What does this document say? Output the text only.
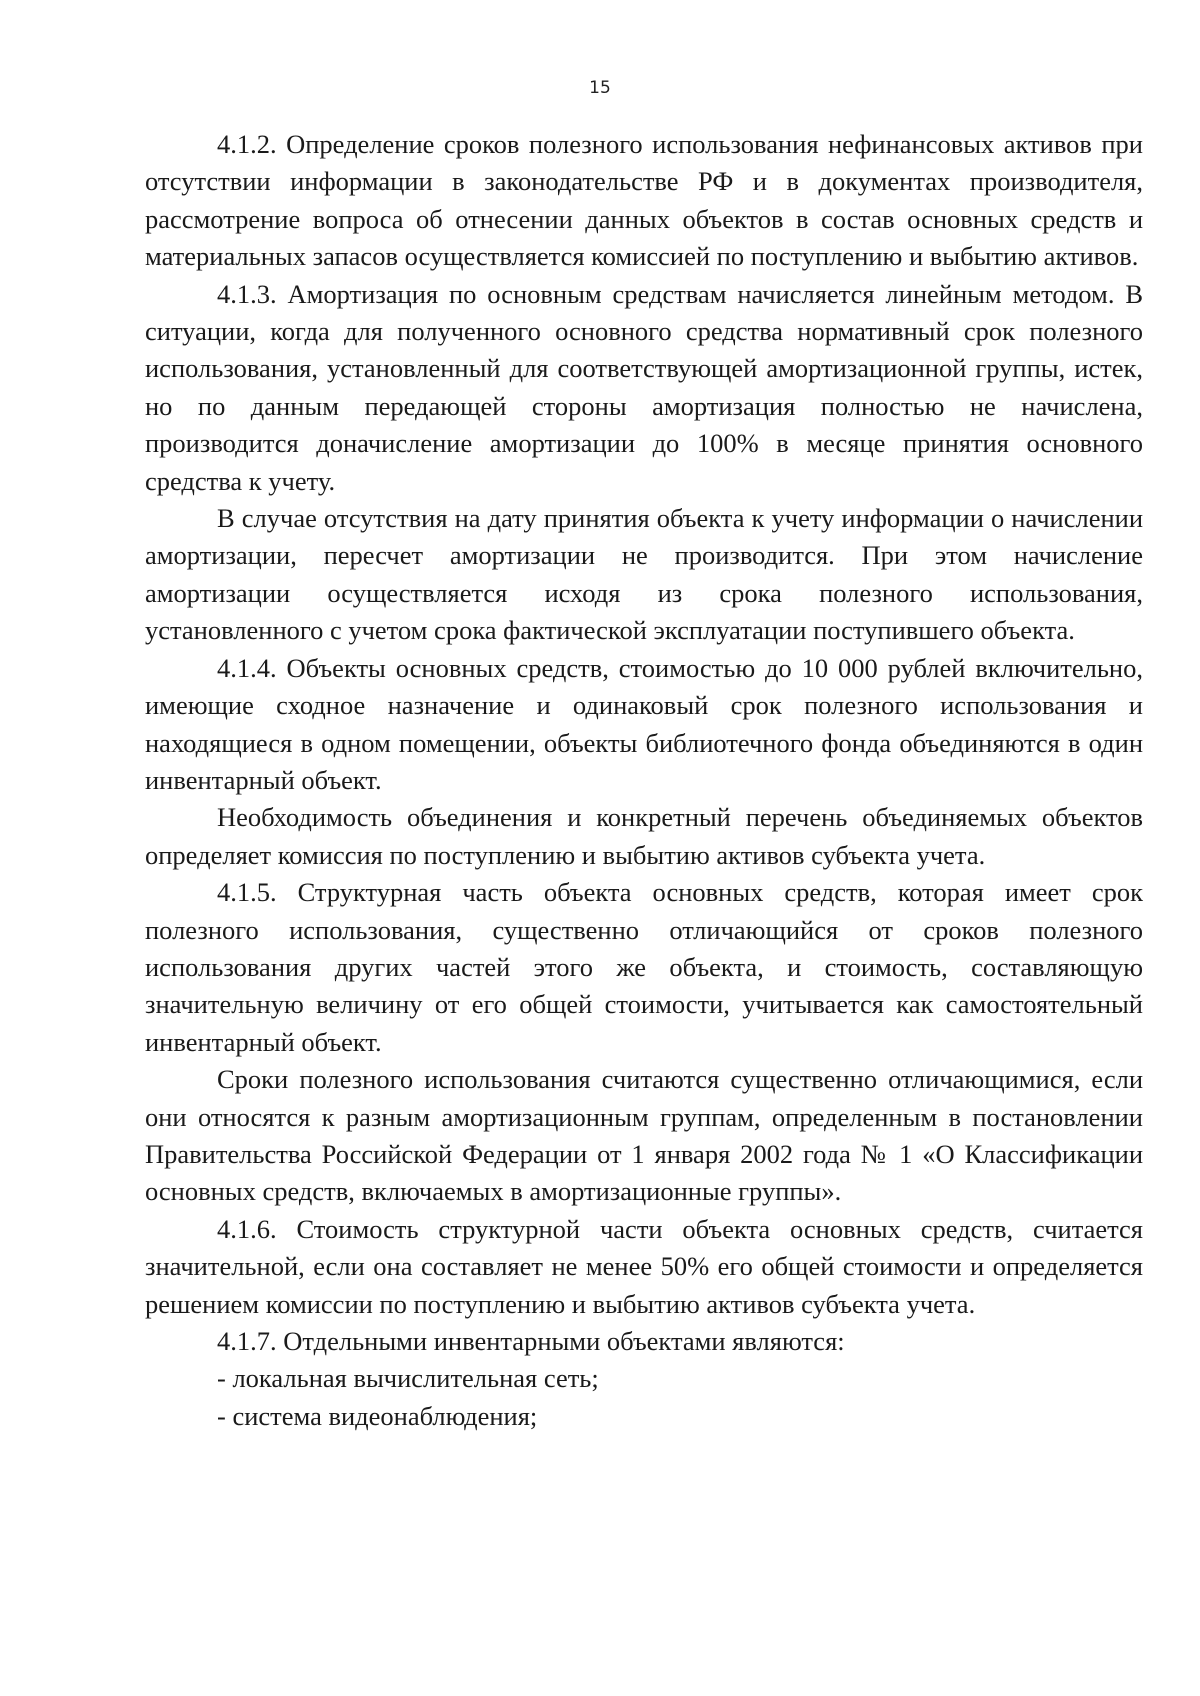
15

4.1.2. Определение сроков полезного использования нефинансовых активов при отсутствии информации в законодательстве РФ и в документах производителя, рассмотрение вопроса об отнесении данных объектов в состав основных средств и материальных запасов осуществляется комиссией по поступлению и выбытию активов.

4.1.3. Амортизация по основным средствам начисляется линейным методом. В ситуации, когда для полученного основного средства нормативный срок полезного использования, установленный для соответствующей амортизационной группы, истек, но по данным передающей стороны амортизация полностью не начислена, производится доначисление амортизации до 100% в месяце принятия основного средства к учету.

В случае отсутствия на дату принятия объекта к учету информации о начислении амортизации, пересчет амортизации не производится. При этом начисление амортизации осуществляется исходя из срока полезного использования, установленного с учетом срока фактической эксплуатации поступившего объекта.

4.1.4. Объекты основных средств, стоимостью до 10 000 рублей включительно, имеющие сходное назначение и одинаковый срок полезного использования и находящиеся в одном помещении, объекты библиотечного фонда объединяются в один инвентарный объект.

Необходимость объединения и конкретный перечень объединяемых объектов определяет комиссия по поступлению и выбытию активов субъекта учета.

4.1.5. Структурная часть объекта основных средств, которая имеет срок полезного использования, существенно отличающийся от сроков полезного использования других частей этого же объекта, и стоимость, составляющую значительную величину от его общей стоимости, учитывается как самостоятельный инвентарный объект.

Сроки полезного использования считаются существенно отличающимися, если они относятся к разным амортизационным группам, определенным в постановлении Правительства Российской Федерации от 1 января 2002 года № 1 «О Классификации основных средств, включаемых в амортизационные группы».

4.1.6. Стоимость структурной части объекта основных средств, считается значительной, если она составляет не менее 50% его общей стоимости и определяется решением комиссии по поступлению и выбытию активов субъекта учета.

4.1.7. Отдельными инвентарными объектами являются:

- локальная вычислительная сеть;

- система видеонаблюдения;
